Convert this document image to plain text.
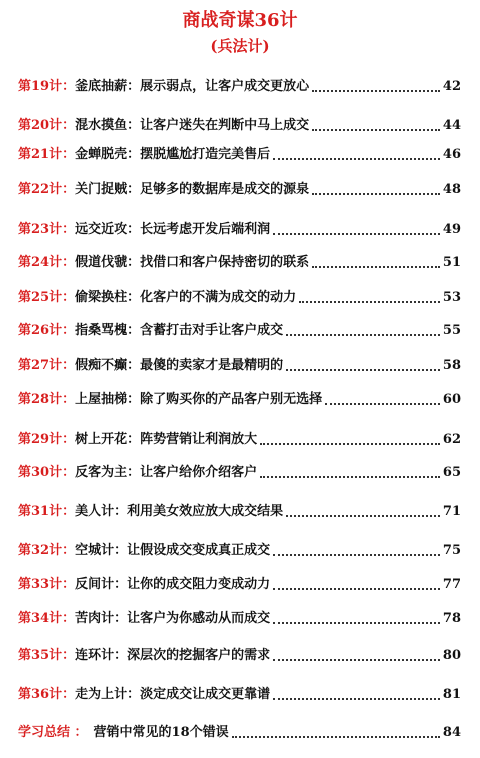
商战奇谋36计
(兵法计)
第19计： 釜底抽薪： 展示弱点，让客户成交更放心	42
第20计： 混水摸鱼： 让客户迷失在判断中马上成交	44
第21计： 金蝉脱壳： 摆脱尴尬打造完美售后	46
第22计： 关门捉贼： 足够多的数据库是成交的源泉	48
第23计： 远交近攻： 长远考虑开发后端利润	49
第24计： 假道伐虢： 找借口和客户保持密切的联系	51
第25计： 偷梁换柱： 化客户的不满为成交的动力	53
第26计： 指桑骂槐： 含蓄打击对手让客户成交	55
第27计： 假痴不癫： 最傻的卖家才是最精明的	58
第28计： 上屋抽梯： 除了购买你的产品客户别无选择	60
第29计： 树上开花： 阵势营销让利润放大	62
第30计： 反客为主： 让客户给你介绍客户	65
第31计： 美人计： 利用美女效应放大成交结果	71
第32计： 空城计： 让假设成交变成真正成交	75
第33计： 反间计： 让你的成交阻力变成动力	77
第34计： 苦肉计： 让客户为你感动从而成交	78
第35计： 连环计： 深层次的挖掘客户的需求	80
第36计： 走为上计： 淡定成交让成交更靠谱	81
学习总结 ： 营销中常见的18个错误	84
